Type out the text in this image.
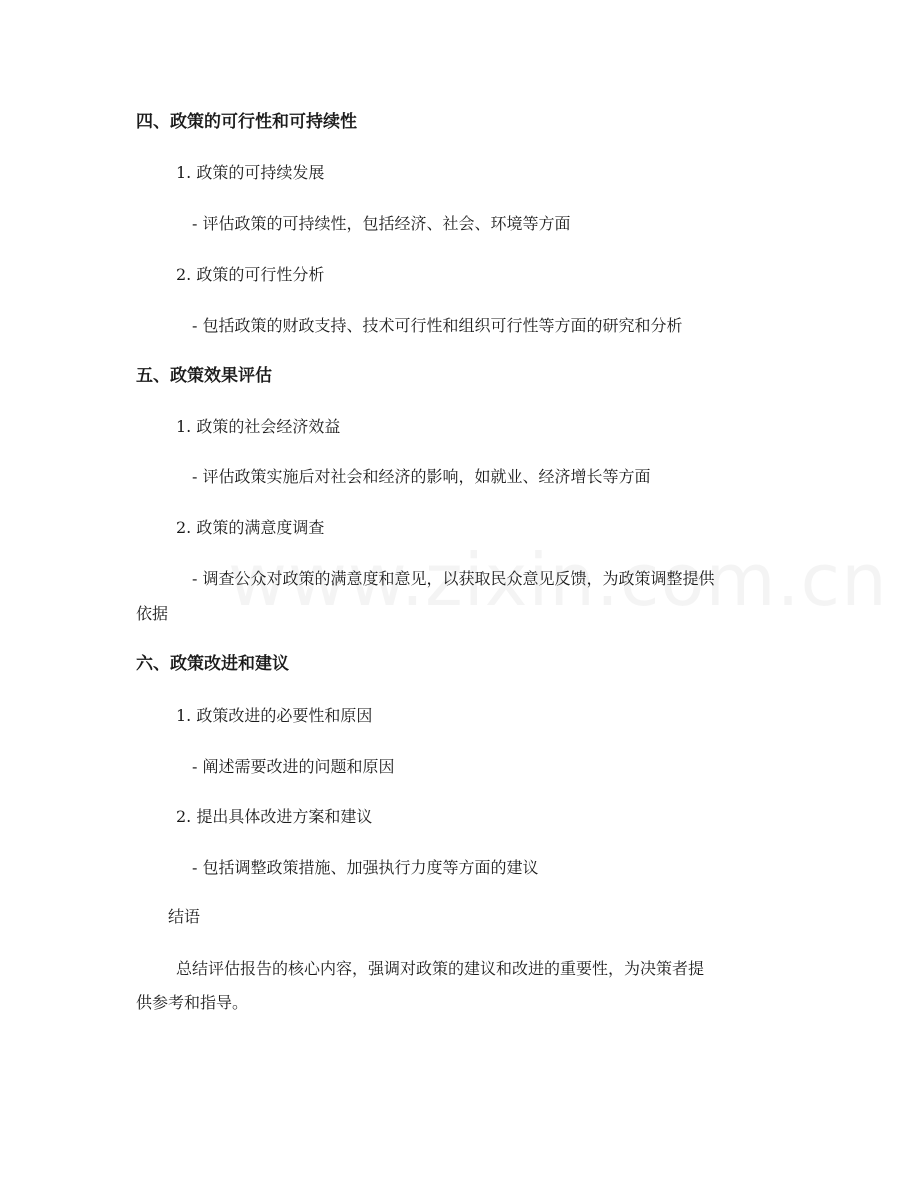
四、政策的可行性和可持续性
1. 政策的可持续发展
- 评估政策的可持续性，包括经济、社会、环境等方面
2. 政策的可行性分析
- 包括政策的财政支持、技术可行性和组织可行性等方面的研究和分析
五、政策效果评估
1. 政策的社会经济效益
- 评估政策实施后对社会和经济的影响，如就业、经济增长等方面
2. 政策的满意度调查
- 调查公众对政策的满意度和意见，以获取民众意见反馈，为政策调整提供
依据
六、政策改进和建议
1. 政策改进的必要性和原因
- 阐述需要改进的问题和原因
2. 提出具体改进方案和建议
- 包括调整政策措施、加强执行力度等方面的建议
结语
总结评估报告的核心内容，强调对政策的建议和改进的重要性，为决策者提
供参考和指导。
